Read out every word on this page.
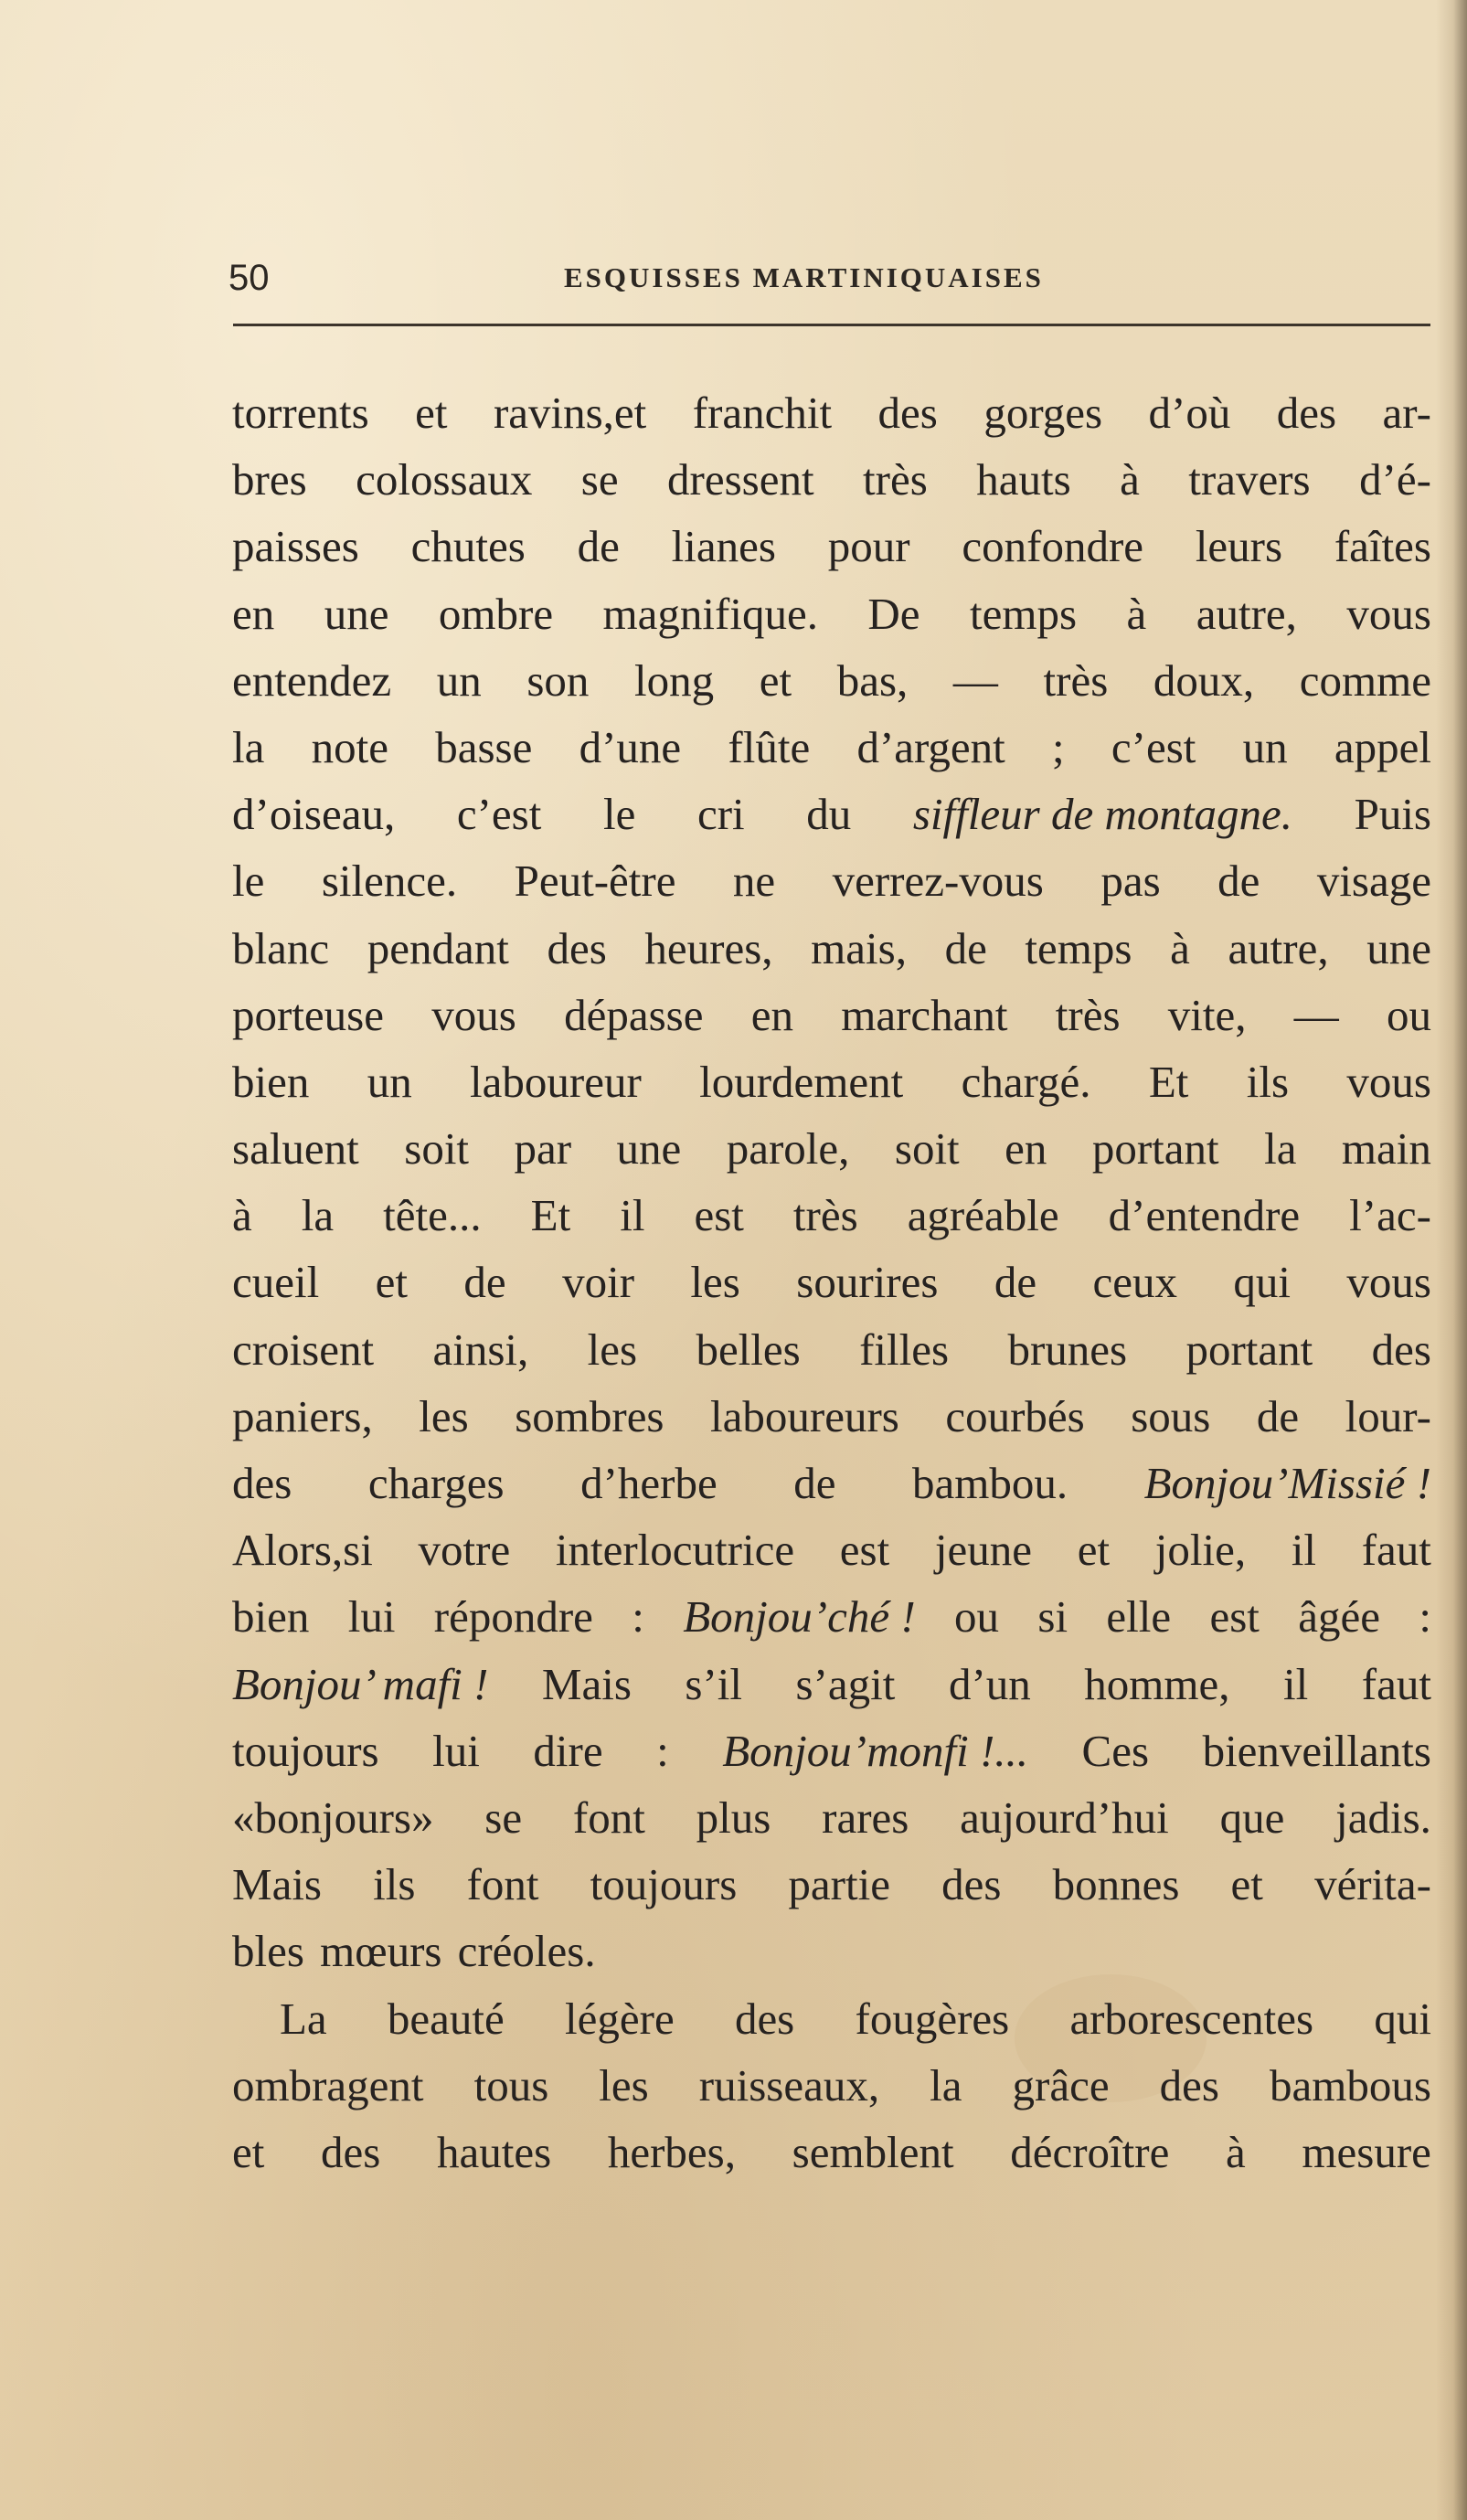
50	ESQUISSES MARTINIQUAISES
torrents et ravins,et franchit des gorges d’où des ar-
bres colossaux se dressent très hauts à travers d’é-
paisses chutes de lianes pour confondre leurs faîtes
en une ombre magnifique. De temps à autre, vous
entendez un son long et bas, — très doux, comme
la note basse d’une flûte d’argent ; c’est un appel
d’oiseau, c’est le cri du siffleur de montagne. Puis
le silence. Peut-être ne verrez-vous pas de visage
blanc pendant des heures, mais, de temps à autre, une
porteuse vous dépasse en marchant très vite, — ou
bien un laboureur lourdement chargé. Et ils vous
saluent soit par une parole, soit en portant la main
à la tête... Et il est très agréable d’entendre l’ac-
cueil et de voir les sourires de ceux qui vous
croisent ainsi, les belles filles brunes portant des
paniers, les sombres laboureurs courbés sous de lour-
des charges d’herbe de bambou. Bonjou’Missié !
Alors,si votre interlocutrice est jeune et jolie, il faut
bien lui répondre : Bonjou’ché ! ou si elle est âgée :
Bonjou’ mafi ! Mais s’il s’agit d’un homme, il faut
toujours lui dire : Bonjou’monfi !... Ces bienveillants
«bonjours» se font plus rares aujourd’hui que jadis.
Mais ils font toujours partie des bonnes et vérita-
bles mœurs créoles.
La beauté légère des fougères arborescentes qui
ombragent tous les ruisseaux, la grâce des bambous
et des hautes herbes, semblent décroître à mesure
